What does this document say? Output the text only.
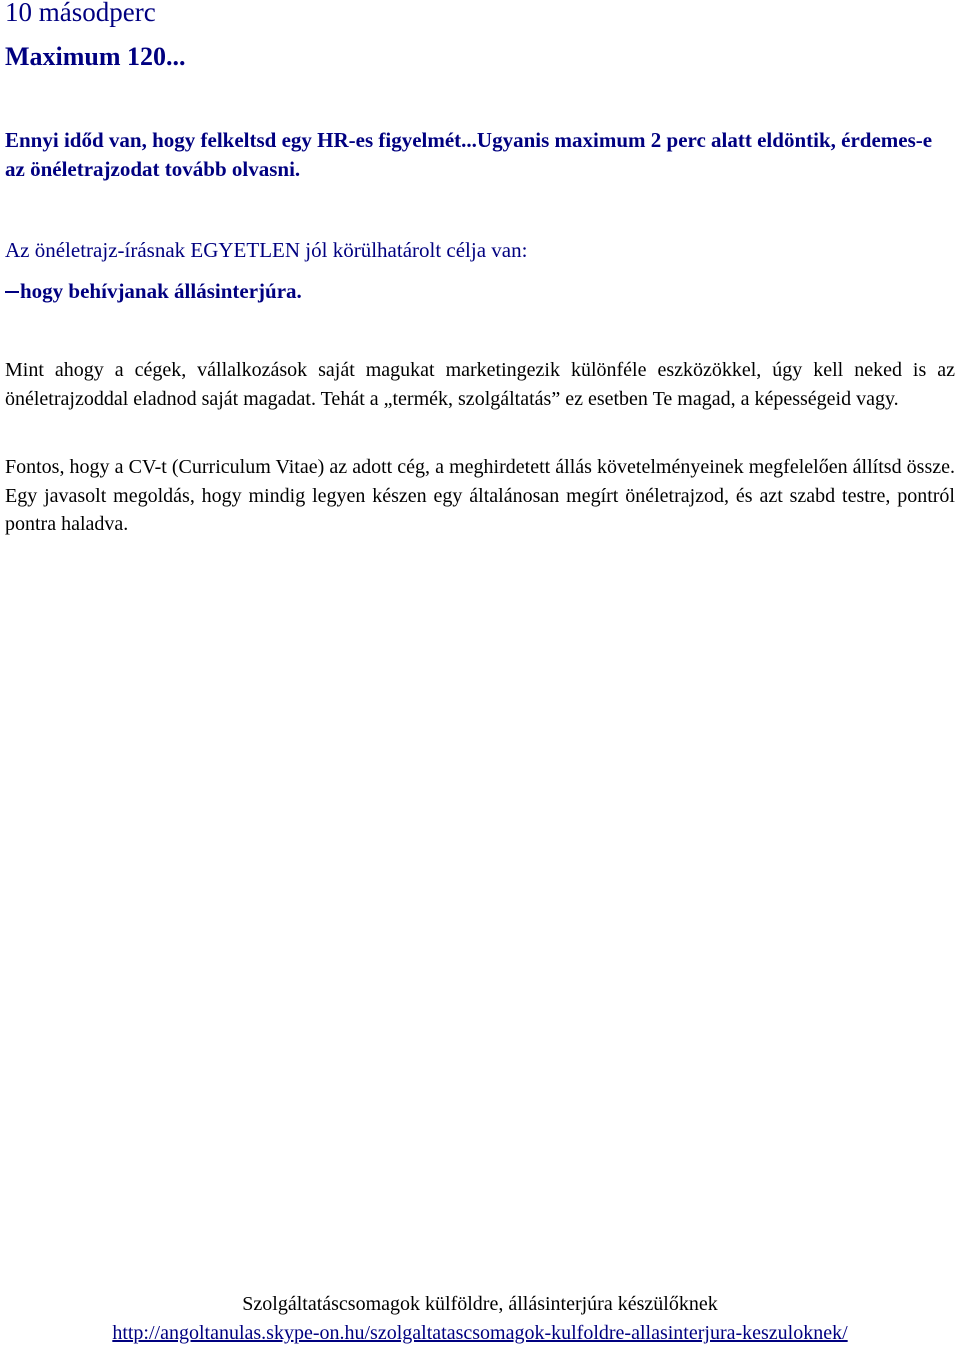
10 másodperc
Maximum 120...

Ennyi időd van, hogy felkeltsd egy HR-es figyelmét...Ugyanis maximum 2 perc alatt eldöntik, érdemes-e az önéletrajzodat tovább olvasni.

Az önéletrajz-írásnak EGYETLEN jól körülhatárolt célja van:

hogy behívjanak állásinterjúra.

Mint ahogy a cégek, vállalkozások saját magukat marketingezik különféle eszközökkel, úgy kell neked is az önéletrajzoddal eladnod saját magadat. Tehát a „termék, szolgáltatás” ez esetben Te magad, a képességeid vagy.

Fontos, hogy a CV-t (Curriculum Vitae) az adott cég, a meghirdetett állás követelményeinek megfelelően állítsd össze. Egy javasolt megoldás, hogy mindig legyen készen egy általánosan megírt önéletrajzod, és azt szabd testre, pontról pontra haladva.

Szolgáltatáscsomagok külföldre, állásinterjúra készülőknek
http://angoltanulas.skype-on.hu/szolgaltatascsomagok-kulfoldre-allasinterjura-keszuloknek/
